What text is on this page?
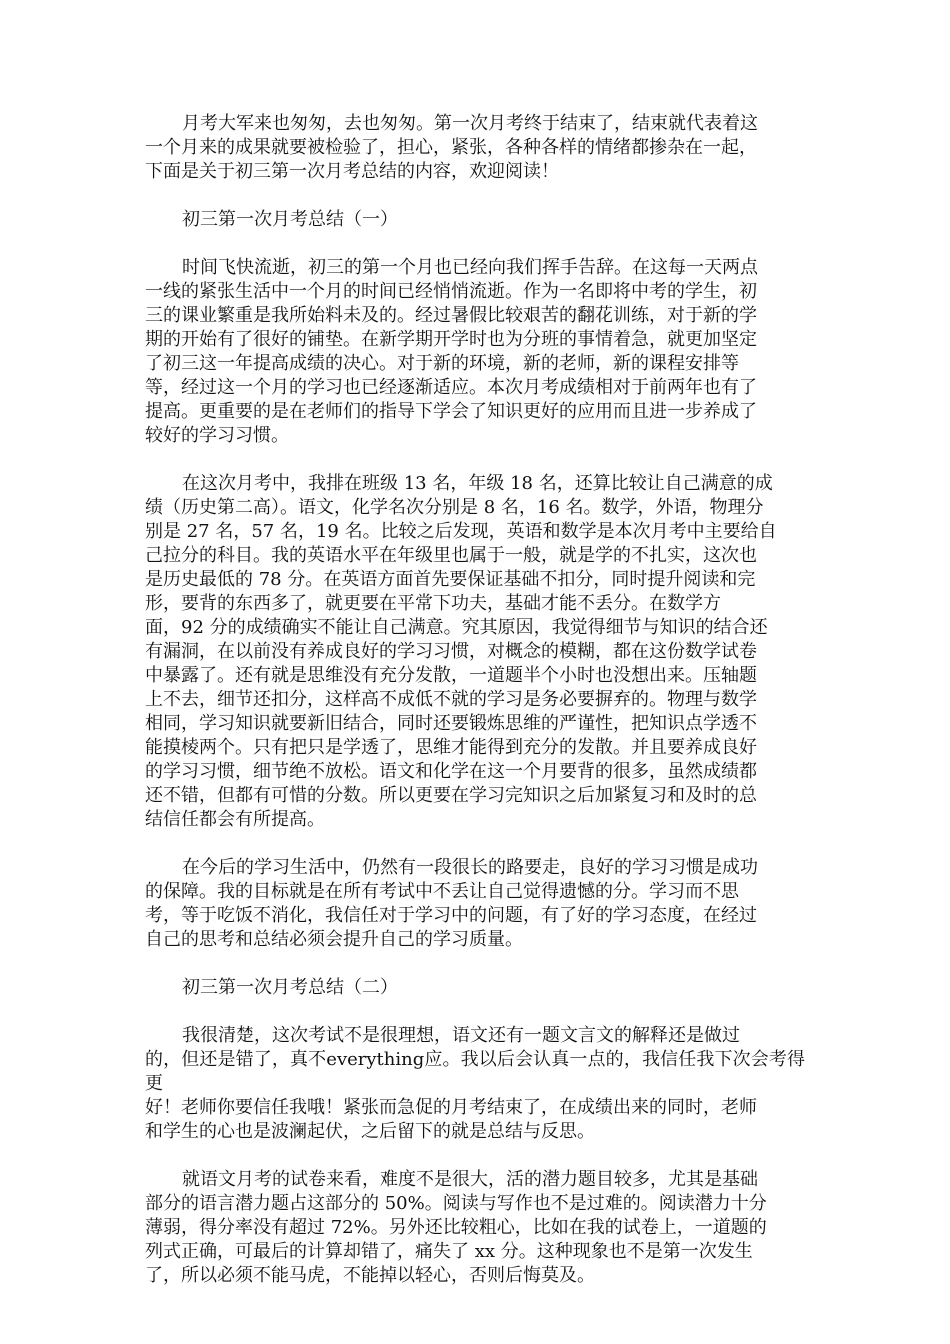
月考大军来也匆匆，去也匆匆。第一次月考终于结束了，结束就代表着这
一个月来的成果就要被检验了，担心，紧张，各种各样的情绪都掺杂在一起，
下面是关于初三第一次月考总结的内容，欢迎阅读！

初三第一次月考总结（一）

时间飞快流逝，初三的第一个月也已经向我们挥手告辞。在这每一天两点
一线的紧张生活中一个月的时间已经悄悄流逝。作为一名即将中考的学生，初
三的课业繁重是我所始料未及的。经过暑假比较艰苦的翻花训练，对于新的学
期的开始有了很好的铺垫。在新学期开学时也为分班的事情着急，就更加坚定
了初三这一年提高成绩的决心。对于新的环境，新的老师，新的课程安排等
等，经过这一个月的学习也已经逐渐适应。本次月考成绩相对于前两年也有了
提高。更重要的是在老师们的指导下学会了知识更好的应用而且进一步养成了
较好的学习习惯。

在这次月考中，我排在班级 13 名，年级 18 名，还算比较让自己满意的成
绩（历史第二高）。语文，化学名次分别是 8 名，16 名。数学，外语，物理分
别是 27 名，57 名，19 名。比较之后发现，英语和数学是本次月考中主要给自
己拉分的科目。我的英语水平在年级里也属于一般，就是学的不扎实，这次也
是历史最低的 78 分。在英语方面首先要保证基础不扣分，同时提升阅读和完
形，要背的东西多了，就更要在平常下功夫，基础才能不丢分。在数学方
面，92 分的成绩确实不能让自己满意。究其原因，我觉得细节与知识的结合还
有漏洞，在以前没有养成良好的学习习惯，对概念的模糊，都在这份数学试卷
中暴露了。还有就是思维没有充分发散，一道题半个小时也没想出来。压轴题
上不去，细节还扣分，这样高不成低不就的学习是务必要摒弃的。物理与数学
相同，学习知识就要新旧结合，同时还要锻炼思维的严谨性，把知识点学透不
能摸棱两个。只有把只是学透了，思维才能得到充分的发散。并且要养成良好
的学习习惯，细节绝不放松。语文和化学在这一个月要背的很多，虽然成绩都
还不错，但都有可惜的分数。所以更要在学习完知识之后加紧复习和及时的总
结信任都会有所提高。

在今后的学习生活中，仍然有一段很长的路要走，良好的学习习惯是成功
的保障。我的目标就是在所有考试中不丢让自己觉得遗憾的分。学习而不思
考，等于吃饭不消化，我信任对于学习中的问题，有了好的学习态度，在经过
自己的思考和总结必须会提升自己的学习质量。

初三第一次月考总结（二）

我很清楚，这次考试不是很理想，语文还有一题文言文的解释还是做过
的，但还是错了，真不everything应。我以后会认真一点的，我信任我下次会考得更
好！老师你要信任我哦！紧张而急促的月考结束了，在成绩出来的同时，老师
和学生的心也是波澜起伏，之后留下的就是总结与反思。

就语文月考的试卷来看，难度不是很大，活的潜力题目较多，尤其是基础
部分的语言潜力题占这部分的 50%。阅读与写作也不是过难的。阅读潜力十分
薄弱，得分率没有超过 72%。另外还比较粗心，比如在我的试卷上，一道题的
列式正确，可最后的计算却错了，痛失了 xx 分。这种现象也不是第一次发生
了，所以必须不能马虎，不能掉以轻心，否则后悔莫及。
